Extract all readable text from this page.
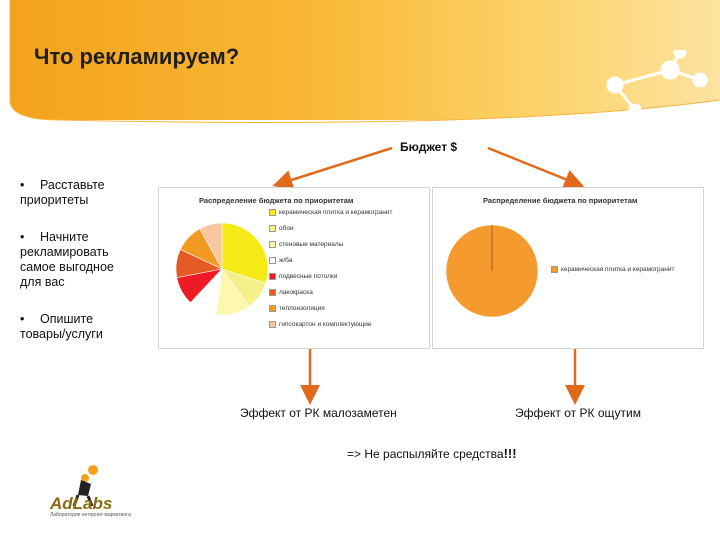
Что рекламируем?
Бюджет $
• Расставьте приоритеты
• Начните рекламировать самое выгодное для вас
• Опишите товары/услуги
Распределение бюджета по приоритетам
керамическая плитка и керамогранит
обои
стеновые материалы
ж/ба
подвесные потолки
лакокраска
теплоизоляция
гипсокартон и комплектующие
Распределение бюджета по приоритетам
керамическая плитка и керамогранит
Эффект от РК малозаметен	Эффект от РК ощутим
=> Не распыляйте средства!!!
AdLabs
Лаборатория интернет-маркетинга
